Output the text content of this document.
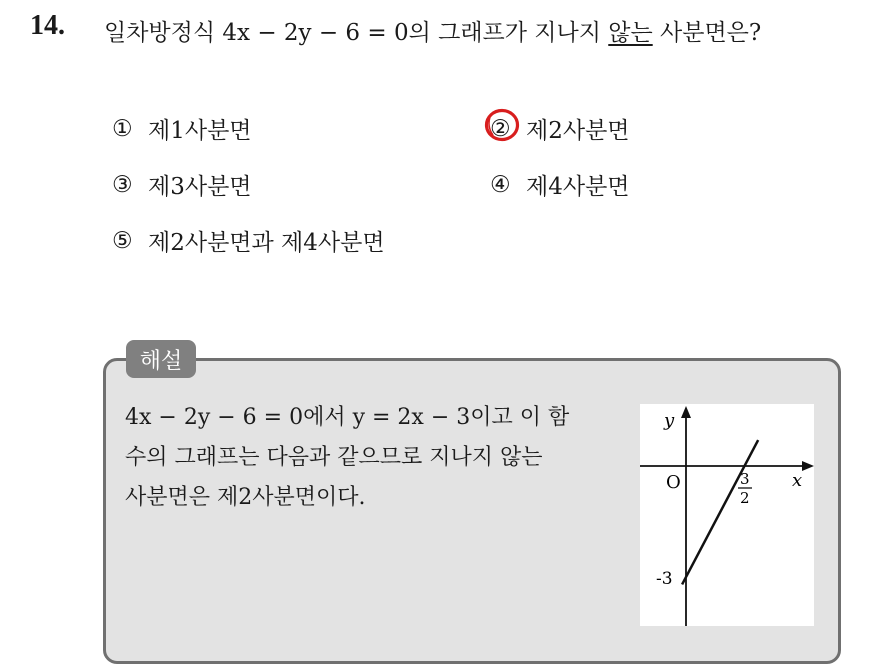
14. 일차방정식 4x − 2y − 6 = 0의 그래프가 지나지 않는 사분면은?
① 제1사분면	② 제2사분면
③ 제3사분면	④ 제4사분면
⑤ 제2사분면과 제4사분면
해설
4x − 2y − 6 = 0에서 y = 2x − 3이고 이 함
수의 그래프는 다음과 같으므로 지나지 않는
사분면은 제2사분면이다.
y
x
O	3
2
-3
